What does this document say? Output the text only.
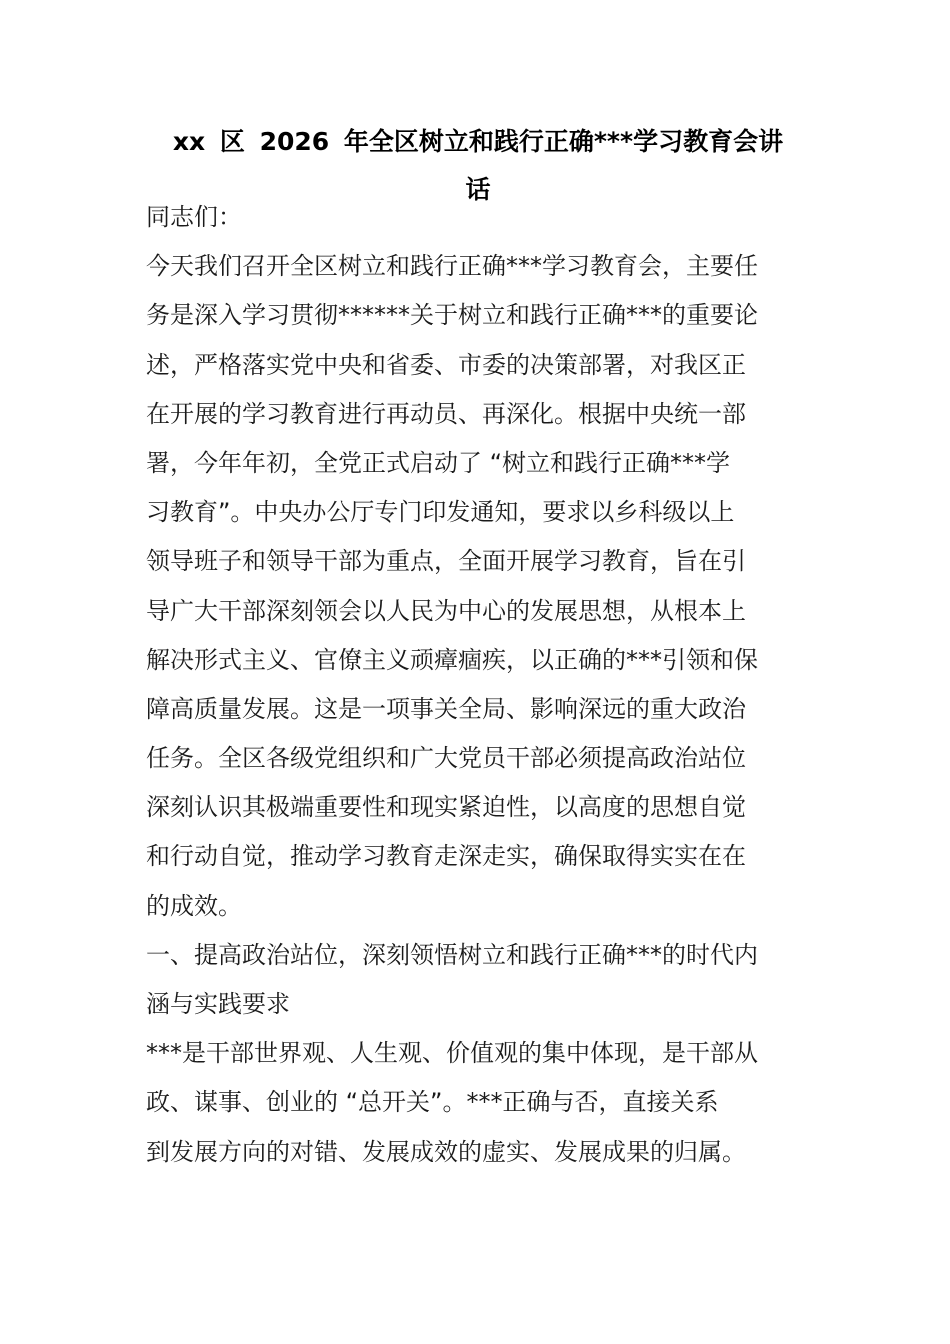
xx 区 2026 年全区树立和践行正确***学习教育会讲
话
同志们：
今天我们召开全区树立和践行正确***学习教育会，主要任
务是深入学习贯彻******关于树立和践行正确***的重要论
述，严格落实党中央和省委、市委的决策部署，对我区正
在开展的学习教育进行再动员、再深化。根据中央统一部
署，今年年初，全党正式启动了 “树立和践行正确***学
习教育”。中央办公厅专门印发通知，要求以乡科级以上
领导班子和领导干部为重点，全面开展学习教育，旨在引
导广大干部深刻领会以人民为中心的发展思想，从根本上
解决形式主义、官僚主义顽瘴痼疾，以正确的***引领和保
障高质量发展。这是一项事关全局、影响深远的重大政治
任务。全区各级党组织和广大党员干部必须提高政治站位
深刻认识其极端重要性和现实紧迫性，以高度的思想自觉
和行动自觉，推动学习教育走深走实，确保取得实实在在
的成效。
一、提高政治站位，深刻领悟树立和践行正确***的时代内
涵与实践要求
***是干部世界观、人生观、价值观的集中体现，是干部从
政、谋事、创业的 “总开关”。***正确与否，直接关系
到发展方向的对错、发展成效的虚实、发展成果的归属。
